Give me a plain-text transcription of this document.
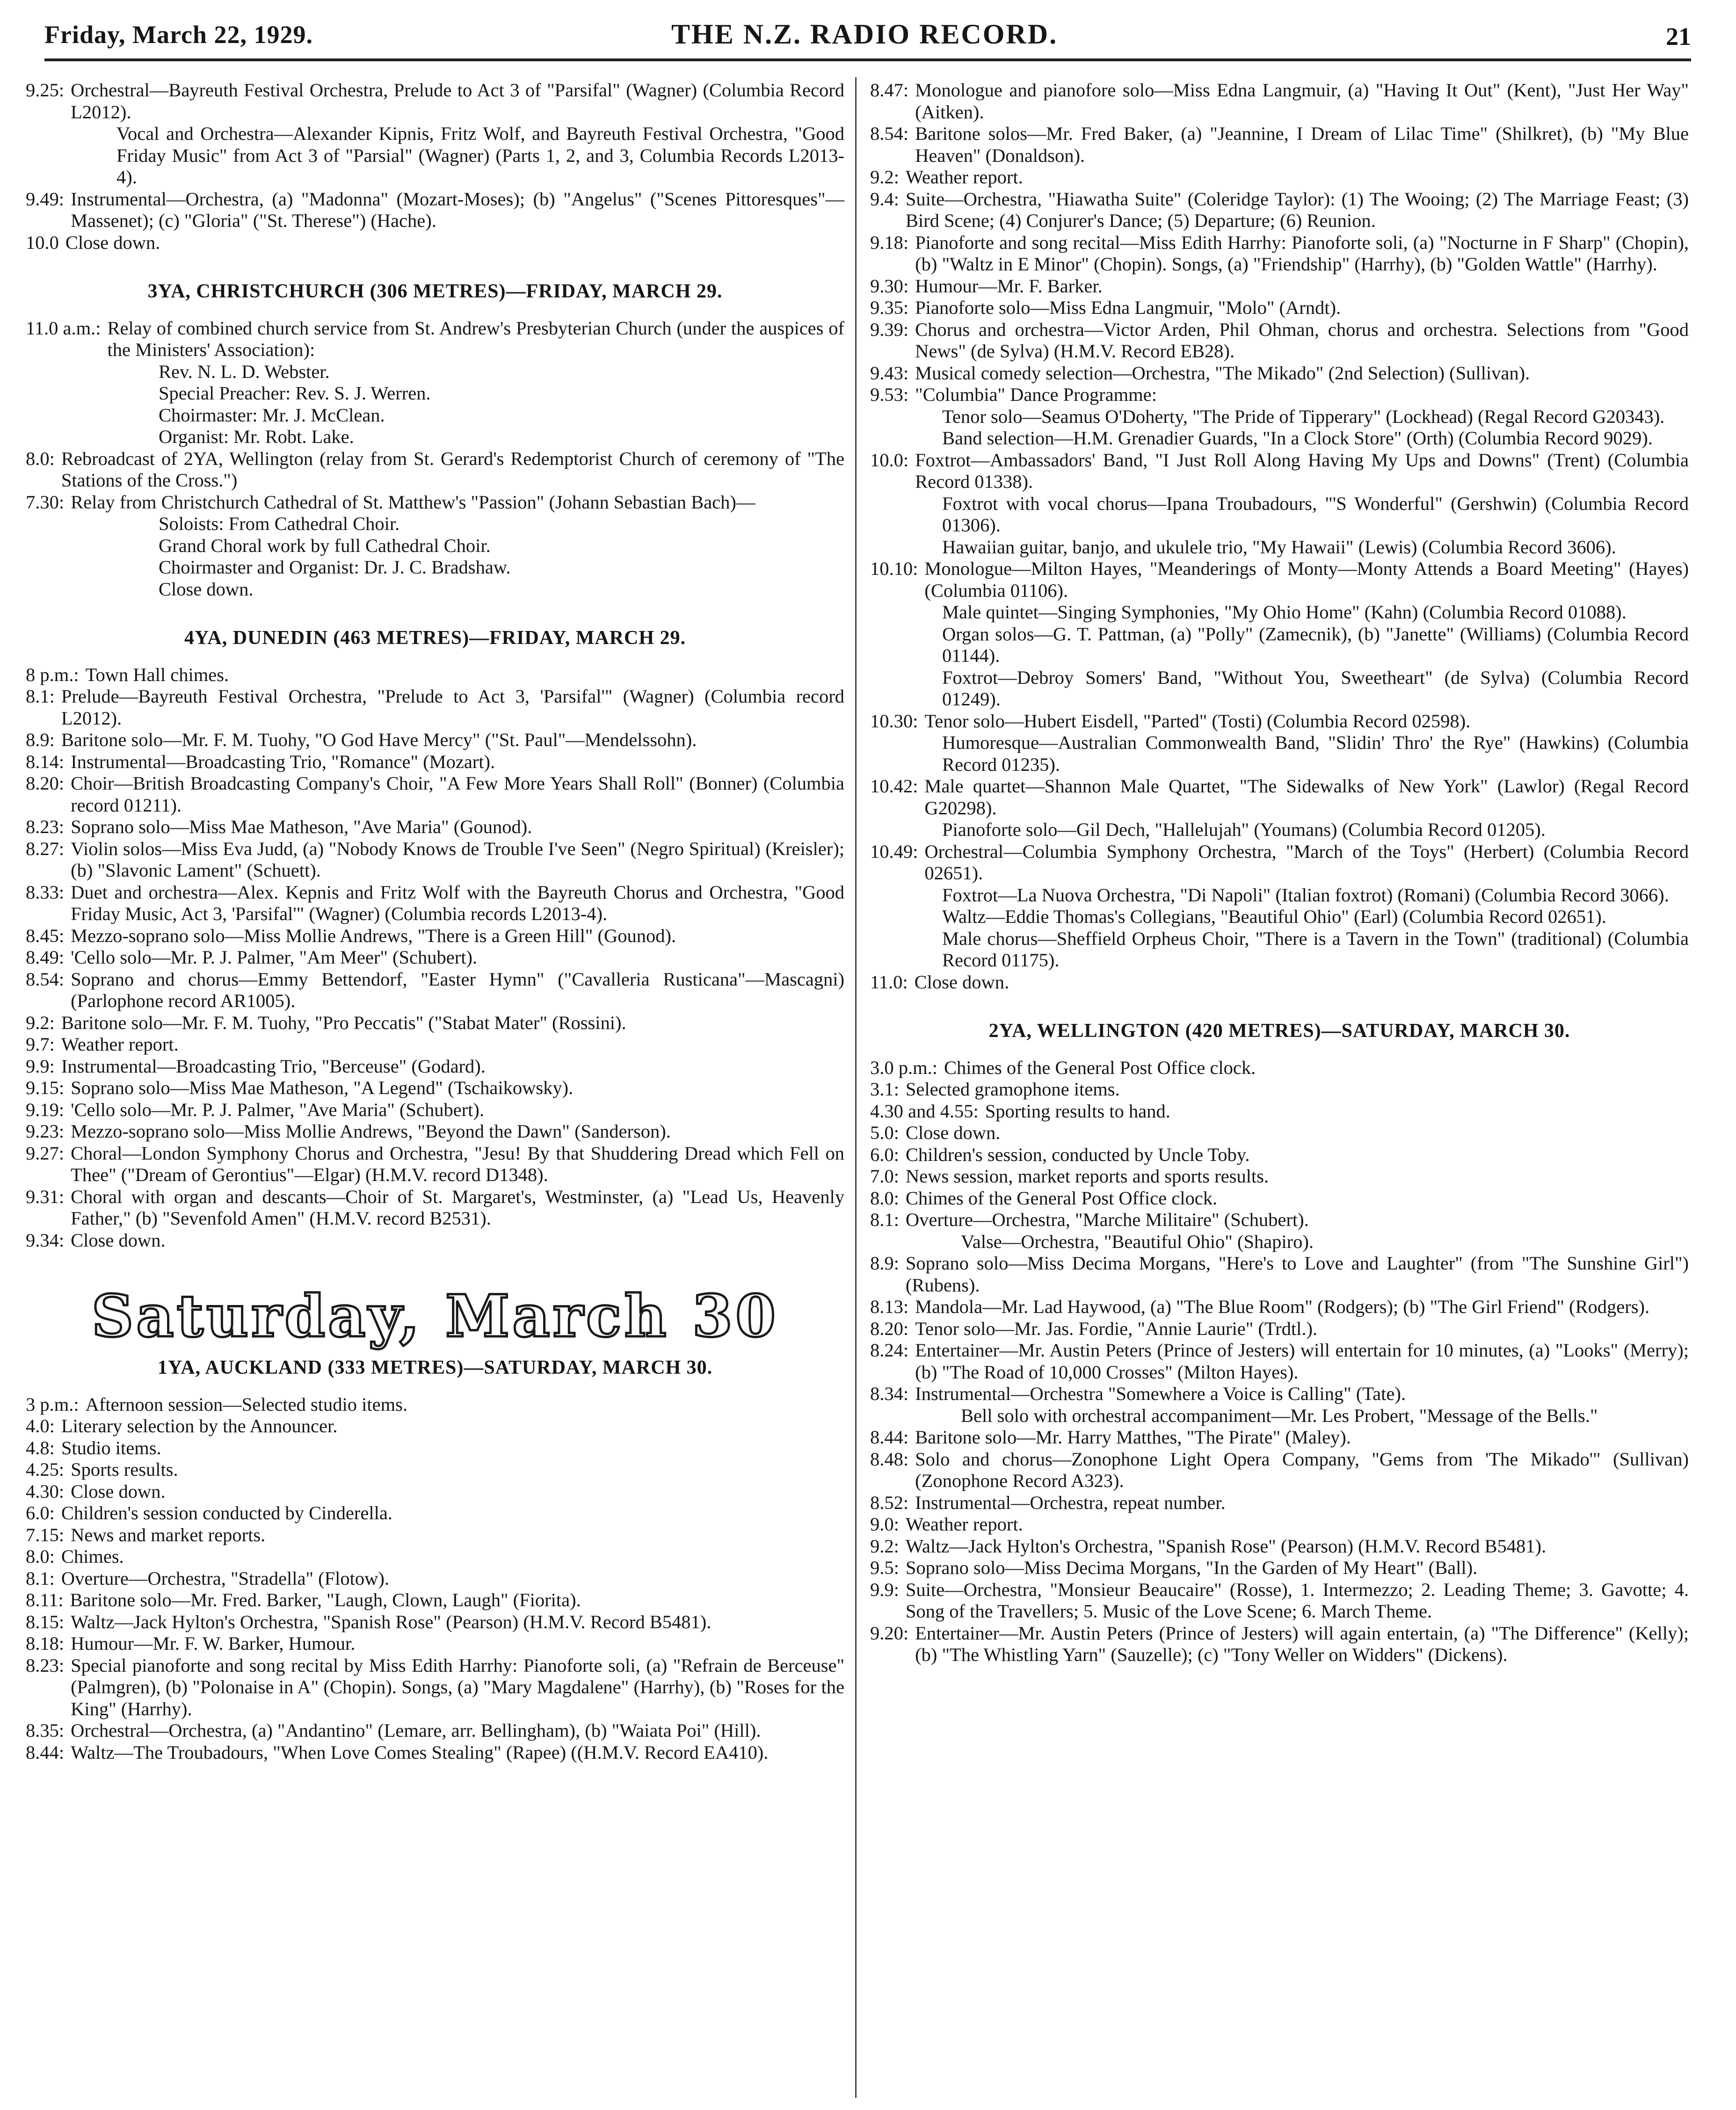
Friday, March 22, 1929.	THE N.Z. RADIO RECORD.	21
9.25: Orchestral—Bayreuth Festival Orchestra, Prelude to Act 3 of "Parsifal" (Wagner) (Columbia Record L2012).
Vocal and Orchestra—Alexander Kipnis, Fritz Wolf, and Bayreuth Festival Orchestra, "Good Friday Music" from Act 3 of "Parsial" (Wagner) (Parts 1, 2, and 3, Columbia Records L2013-4).
9.49: Instrumental—Orchestra, (a) "Madonna" (Mozart-Moses); (b) "Angelus" ("Scenes Pittoresques"—Massenet); (c) "Gloria" ("St. Therese") (Hache).
10.0 Close down.
3YA, CHRISTCHURCH (306 METRES)—FRIDAY, MARCH 29.
11.0 a.m.: Relay of combined church service from St. Andrew's Presbyterian Church (under the auspices of the Ministers' Association):
Rev. N. L. D. Webster.
Special Preacher: Rev. S. J. Werren.
Choirmaster: Mr. J. McClean.
Organist: Mr. Robt. Lake.
8.0: Rebroadcast of 2YA, Wellington (relay from St. Gerard's Redemptorist Church of ceremony of "The Stations of the Cross.")
7.30: Relay from Christchurch Cathedral of St. Matthew's "Passion" (Johann Sebastian Bach)—
Soloists: From Cathedral Choir.
Grand Choral work by full Cathedral Choir.
Choirmaster and Organist: Dr. J. C. Bradshaw.
Close down.
4YA, DUNEDIN (463 METRES)—FRIDAY, MARCH 29.
8 p.m.: Town Hall chimes.
8.1: Prelude—Bayreuth Festival Orchestra, "Prelude to Act 3, 'Parsifal'" (Wagner) (Columbia record L2012).
8.9: Baritone solo—Mr. F. M. Tuohy, "O God Have Mercy" ("St. Paul"—Mendelssohn).
8.14: Instrumental—Broadcasting Trio, "Romance" (Mozart).
8.20: Choir—British Broadcasting Company's Choir, "A Few More Years Shall Roll" (Bonner) (Columbia record 01211).
8.23: Soprano solo—Miss Mae Matheson, "Ave Maria" (Gounod).
8.27: Violin solos—Miss Eva Judd, (a) "Nobody Knows de Trouble I've Seen" (Negro Spiritual) (Kreisler); (b) "Slavonic Lament" (Schuett).
8.33: Duet and orchestra—Alex. Kepnis and Fritz Wolf with the Bayreuth Chorus and Orchestra, "Good Friday Music, Act 3, 'Parsifal'" (Wagner) (Columbia records L2013-4).
8.45: Mezzo-soprano solo—Miss Mollie Andrews, "There is a Green Hill" (Gounod).
8.49: 'Cello solo—Mr. P. J. Palmer, "Am Meer" (Schubert).
8.54: Soprano and chorus—Emmy Bettendorf, "Easter Hymn" ("Cavalleria Rusticana"—Mascagni) (Parlophone record AR1005).
9.2: Baritone solo—Mr. F. M. Tuohy, "Pro Peccatis" ("Stabat Mater" (Rossini).
9.7: Weather report.
9.9: Instrumental—Broadcasting Trio, "Berceuse" (Godard).
9.15: Soprano solo—Miss Mae Matheson, "A Legend" (Tschaikowsky).
9.19: 'Cello solo—Mr. P. J. Palmer, "Ave Maria" (Schubert).
9.23: Mezzo-soprano solo—Miss Mollie Andrews, "Beyond the Dawn" (Sanderson).
9.27: Choral—London Symphony Chorus and Orchestra, "Jesu! By that Shuddering Dread which Fell on Thee" ("Dream of Gerontius"—Elgar) (H.M.V. record D1348).
9.31: Choral with organ and descants—Choir of St. Margaret's, Westminster, (a) "Lead Us, Heavenly Father," (b) "Sevenfold Amen" (H.M.V. record B2531).
9.34: Close down.
Saturday, March 30
1YA, AUCKLAND (333 METRES)—SATURDAY, MARCH 30.
3 p.m.: Afternoon session—Selected studio items.
4.0: Literary selection by the Announcer.
4.8: Studio items.
4.25: Sports results.
4.30: Close down.
6.0: Children's session conducted by Cinderella.
7.15: News and market reports.
8.0: Chimes.
8.1: Overture—Orchestra, "Stradella" (Flotow).
8.11: Baritone solo—Mr. Fred. Barker, "Laugh, Clown, Laugh" (Fiorita).
8.15: Waltz—Jack Hylton's Orchestra, "Spanish Rose" (Pearson) (H.M.V. Record B5481).
8.18: Humour—Mr. F. W. Barker, Humour.
8.23: Special pianoforte and song recital by Miss Edith Harrhy: Pianoforte soli, (a) "Refrain de Berceuse" (Palmgren), (b) "Polonaise in A" (Chopin). Songs, (a) "Mary Magdalene" (Harrhy), (b) "Roses for the King" (Harrhy).
8.35: Orchestral—Orchestra, (a) "Andantino" (Lemare, arr. Bellingham), (b) "Waiata Poi" (Hill).
8.44: Waltz—The Troubadours, "When Love Comes Stealing" (Rapee) ((H.M.V. Record EA410).
8.47: Monologue and pianofore solo—Miss Edna Langmuir, (a) "Having It Out" (Kent), "Just Her Way" (Aitken).
8.54: Baritone solos—Mr. Fred Baker, (a) "Jeannine, I Dream of Lilac Time" (Shilkret), (b) "My Blue Heaven" (Donaldson).
9.2: Weather report.
9.4: Suite—Orchestra, "Hiawatha Suite" (Coleridge Taylor): (1) The Wooing; (2) The Marriage Feast; (3) Bird Scene; (4) Conjurer's Dance; (5) Departure; (6) Reunion.
9.18: Pianoforte and song recital—Miss Edith Harrhy: Pianoforte soli, (a) "Nocturne in F Sharp" (Chopin), (b) "Waltz in E Minor" (Chopin). Songs, (a) "Friendship" (Harrhy), (b) "Golden Wattle" (Harrhy).
9.30: Humour—Mr. F. Barker.
9.35: Pianoforte solo—Miss Edna Langmuir, "Molo" (Arndt).
9.39: Chorus and orchestra—Victor Arden, Phil Ohman, chorus and orchestra. Selections from "Good News" (de Sylva) (H.M.V. Record EB28).
9.43: Musical comedy selection—Orchestra, "The Mikado" (2nd Selection) (Sullivan).
9.53: "Columbia" Dance Programme:
Tenor solo—Seamus O'Doherty, "The Pride of Tipperary" (Lockhead) (Regal Record G20343).
Band selection—H.M. Grenadier Guards, "In a Clock Store" (Orth) (Columbia Record 9029).
10.0: Foxtrot—Ambassadors' Band, "I Just Roll Along Having My Ups and Downs" (Trent) (Columbia Record 01338).
Foxtrot with vocal chorus—Ipana Troubadours, "'S Wonderful" (Gershwin) (Columbia Record 01306).
Hawaiian guitar, banjo, and ukulele trio, "My Hawaii" (Lewis) (Columbia Record 3606).
10.10: Monologue—Milton Hayes, "Meanderings of Monty—Monty Attends a Board Meeting" (Hayes) (Columbia 01106).
Male quintet—Singing Symphonies, "My Ohio Home" (Kahn) (Columbia Record 01088).
Organ solos—G. T. Pattman, (a) "Polly" (Zamecnik), (b) "Janette" (Williams) (Columbia Record 01144).
Foxtrot—Debroy Somers' Band, "Without You, Sweetheart" (de Sylva) (Columbia Record 01249).
10.30: Tenor solo—Hubert Eisdell, "Parted" (Tosti) (Columbia Record 02598).
Humoresque—Australian Commonwealth Band, "Slidin' Thro' the Rye" (Hawkins) (Columbia Record 01235).
10.42: Male quartet—Shannon Male Quartet, "The Sidewalks of New York" (Lawlor) (Regal Record G20298).
Pianoforte solo—Gil Dech, "Hallelujah" (Youmans) (Columbia Record 01205).
10.49: Orchestral—Columbia Symphony Orchestra, "March of the Toys" (Herbert) (Columbia Record 02651).
Foxtrot—La Nuova Orchestra, "Di Napoli" (Italian foxtrot) (Romani) (Columbia Record 3066).
Waltz—Eddie Thomas's Collegians, "Beautiful Ohio" (Earl) (Columbia Record 02651).
Male chorus—Sheffield Orpheus Choir, "There is a Tavern in the Town" (traditional) (Columbia Record 01175).
11.0: Close down.
2YA, WELLINGTON (420 METRES)—SATURDAY, MARCH 30.
3.0 p.m.: Chimes of the General Post Office clock.
3.1: Selected gramophone items.
4.30 and 4.55: Sporting results to hand.
5.0: Close down.
6.0: Children's session, conducted by Uncle Toby.
7.0: News session, market reports and sports results.
8.0: Chimes of the General Post Office clock.
8.1: Overture—Orchestra, "Marche Militaire" (Schubert).
Valse—Orchestra, "Beautiful Ohio" (Shapiro).
8.9: Soprano solo—Miss Decima Morgans, "Here's to Love and Laughter" (from "The Sunshine Girl") (Rubens).
8.13: Mandola—Mr. Lad Haywood, (a) "The Blue Room" (Rodgers); (b) "The Girl Friend" (Rodgers).
8.20: Tenor solo—Mr. Jas. Fordie, "Annie Laurie" (Trdtl.).
8.24: Entertainer—Mr. Austin Peters (Prince of Jesters) will entertain for 10 minutes, (a) "Looks" (Merry); (b) "The Road of 10,000 Crosses" (Milton Hayes).
8.34: Instrumental—Orchestra "Somewhere a Voice is Calling" (Tate).
Bell solo with orchestral accompaniment—Mr. Les Probert, "Message of the Bells."
8.44: Baritone solo—Mr. Harry Matthes, "The Pirate" (Maley).
8.48: Solo and chorus—Zonophone Light Opera Company, "Gems from 'The Mikado'" (Sullivan) (Zonophone Record A323).
8.52: Instrumental—Orchestra, repeat number.
9.0: Weather report.
9.2: Waltz—Jack Hylton's Orchestra, "Spanish Rose" (Pearson) (H.M.V. Record B5481).
9.5: Soprano solo—Miss Decima Morgans, "In the Garden of My Heart" (Ball).
9.9: Suite—Orchestra, "Monsieur Beaucaire" (Rosse), 1. Intermezzo; 2. Leading Theme; 3. Gavotte; 4. Song of the Travellers; 5. Music of the Love Scene; 6. March Theme.
9.20: Entertainer—Mr. Austin Peters (Prince of Jesters) will again entertain, (a) "The Difference" (Kelly); (b) "The Whistling Yarn" (Sauzelle); (c) "Tony Weller on Widders" (Dickens).
